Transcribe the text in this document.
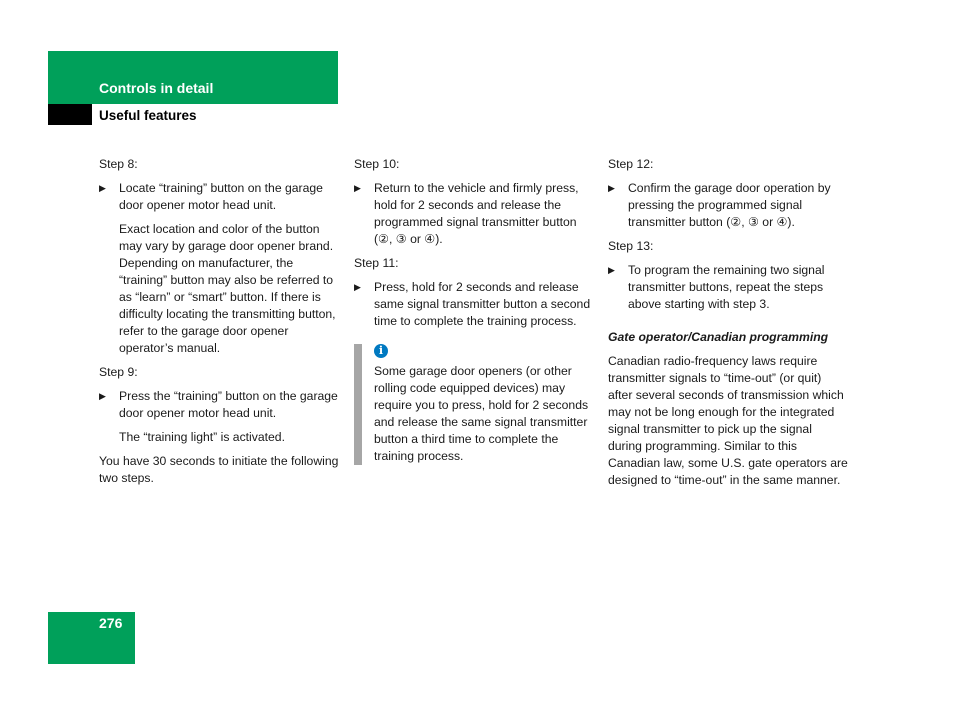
Controls in detail
Useful features
Step 8:
▶ Locate “training” button on the garage door opener motor head unit.
Exact location and color of the button may vary by garage door opener brand. Depending on manufacturer, the “training” button may also be referred to as “learn” or “smart” button. If there is difficulty locating the transmitting button, refer to the garage door opener operator’s manual.
Step 9:
▶ Press the “training” button on the garage door opener motor head unit.
The “training light” is activated.
You have 30 seconds to initiate the following two steps.
Step 10:
▶ Return to the vehicle and firmly press, hold for 2 seconds and release the programmed signal transmitter button (②, ③ or ④).
Step 11:
▶ Press, hold for 2 seconds and release same signal transmitter button a second time to complete the training process.
i
Some garage door openers (or other rolling code equipped devices) may require you to press, hold for 2 seconds and release the same signal transmitter button a third time to complete the training process.
Step 12:
▶ Confirm the garage door operation by pressing the programmed signal transmitter button (②, ③ or ④).
Step 13:
▶ To program the remaining two signal transmitter buttons, repeat the steps above starting with step 3.
Gate operator/Canadian programming
Canadian radio-frequency laws require transmitter signals to “time-out” (or quit) after several seconds of transmission which may not be long enough for the integrated signal transmitter to pick up the signal during programming. Similar to this Canadian law, some U.S. gate operators are designed to “time-out” in the same manner.
276
